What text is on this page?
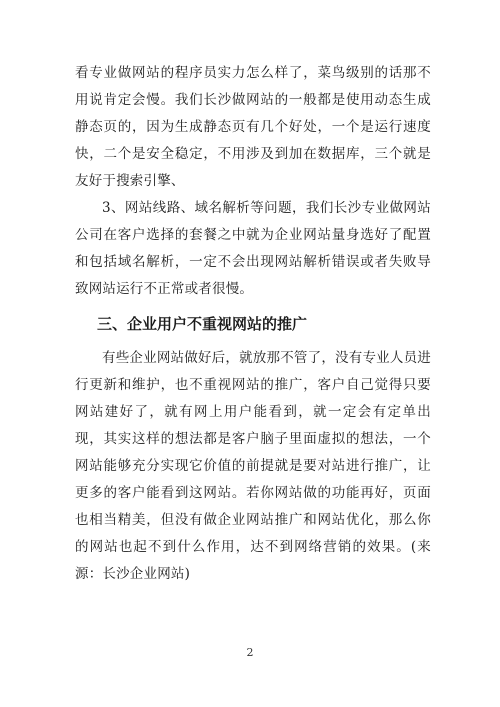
看专业做网站的程序员实力怎么样了，菜鸟级别的话那不用说肯定会慢。我们长沙做网站的一般都是使用动态生成静态页的，因为生成静态页有几个好处，一个是运行速度快，二个是安全稳定，不用涉及到加在数据库，三个就是友好于搜索引擎、

3、网站线路、域名解析等问题，我们长沙专业做网站公司在客户选择的套餐之中就为企业网站量身选好了配置和包括域名解析，一定不会出现网站解析错误或者失败导致网站运行不正常或者很慢。

三、企业用户不重视网站的推广

有些企业网站做好后，就放那不管了，没有专业人员进行更新和维护，也不重视网站的推广，客户自己觉得只要网站建好了，就有网上用户能看到，就一定会有定单出现，其实这样的想法都是客户脑子里面虚拟的想法，一个网站能够充分实现它价值的前提就是要对站进行推广，让更多的客户能看到这网站。若你网站做的功能再好，页面也相当精美，但没有做企业网站推广和网站优化，那么你的网站也起不到什么作用，达不到网络营销的效果。(来源：长沙企业网站)

2
